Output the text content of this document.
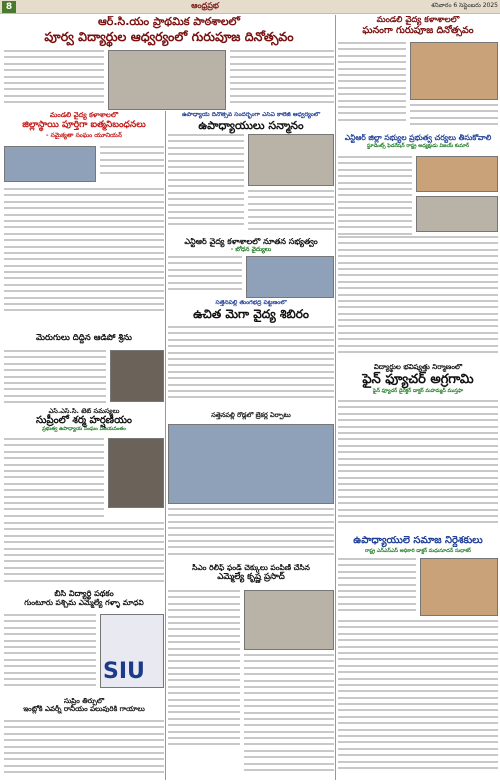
8	ఆంధ్రప్రభ	శనివారం 6 సెప్టెంబరు 2025
ఆర్.సి.యం ప్రాథమిక పాఠశాలలో
పూర్వ విద్యార్థుల ఆధ్వర్యంలో గురుపూజ దినోత్సవం
మండలి వైద్య కళాశాలలో
ఘనంగా గురుపూజ దినోత్సవం
మండలి వైద్య కళాశాలలో
జిల్లాస్థాయి పూర్తిగా ఐత్మనిబంధనలు
- సమైక్యతా సంఘం యూనియన్
ఉపాధ్యాయ దినోత్సవ సందర్భంగా ఎస్ఏ కాలేజ్ ఆధ్వర్యంలో
ఉపాధ్యాయులు సన్మానం
ఎన్టీఆర్ జిల్లా సభ్యుల ప్రభుత్వ చర్యలు తీసుకోవాలి
స్టూడెంట్స్ ఫెడరేషన్ రాష్ట్ర అధ్యక్షుడు విజయ్ కుమార్
ఎన్టీఆర్ వైద్య కళాశాలలో నూతన సభ్యత్వం
- బోధన వైద్యులు
మెరుగులు దిద్దిన ఆడిపో శ్రీను
సత్తెనపల్లి తుంగభద్ర పట్టణంలో
ఉచిత మెగా వైద్య శిబిరం
విద్యార్థుల భవిష్యత్తు నిర్మాణంలో
ఫైన్ ఫ్యూచర్ అగ్రగామి
ఫైన్ ఫ్యూచర్ డైరెక్టర్ డాక్టర్ మహమ్మద్ ముస్తఫా
ఎస్.ఎస్.సి. టెట్ సమస్యలు
సుప్రీంలో శర్మ హర్షణీయం
ప్రభుత్వ ఉపాధ్యాయ సంఘం విజయవంతం
సత్తెనపల్లి రోడ్లలో బ్రేకర్ల ఏర్పాటు
ఉపాధ్యాయులే సమాజ నిర్దేశకులు
రాష్ట్ర ఎన్ఎస్ఎస్ అధికారి డాక్టర్ మధుసూదన్ సుధాకర్
బీసీ విద్యార్థి పథకం
గుంటూరు పశ్చిమ ఎమ్మెల్యే గళ్ళా మాధవి
SIU
సీఎం రిలీఫ్ ఫండ్ చెక్కులు పంపిణీ చేసిన
ఎమ్మెల్యే కృష్ణ ప్రసాద్
సుప్రీం తీర్పులో
ఇంట్లోకి ఎవర్నీ రానీయం పలువురికి గాయాలు
